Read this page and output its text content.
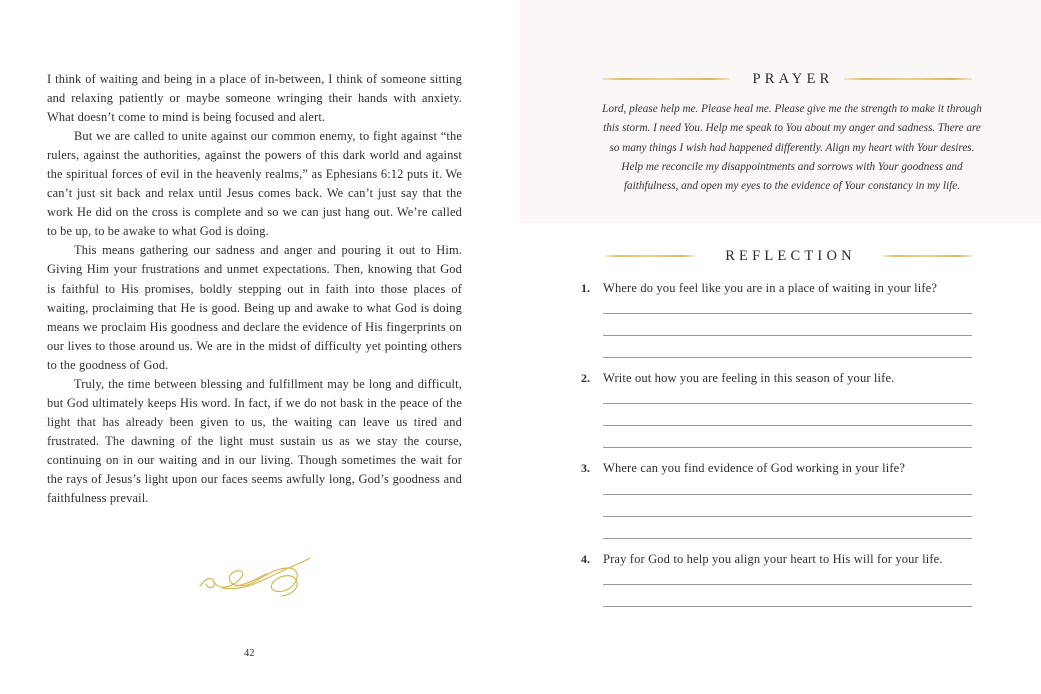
I think of waiting and being in a place of in-between, I think of someone sitting and relaxing patiently or maybe someone wringing their hands with anxiety. What doesn’t come to mind is being focused and alert.

But we are called to unite against our common enemy, to fight against “the rulers, against the authorities, against the powers of this dark world and against the spiritual forces of evil in the heavenly realms,” as Ephesians 6:12 puts it. We can’t just sit back and relax until Jesus comes back. We can’t just say that the work He did on the cross is complete and so we can just hang out. We’re called to be up, to be awake to what God is doing.

This means gathering our sadness and anger and pouring it out to Him. Giving Him your frustrations and unmet expectations. Then, knowing that God is faithful to His promises, boldly stepping out in faith into those places of waiting, proclaiming that He is good. Being up and awake to what God is doing means we proclaim His goodness and declare the evidence of His fingerprints on our lives to those around us. We are in the midst of difficulty yet pointing others to the goodness of God.

Truly, the time between blessing and fulfillment may be long and difficult, but God ultimately keeps His word. In fact, if we do not bask in the peace of the light that has already been given to us, the waiting can leave us tired and frustrated. The dawning of the light must sustain us as we stay the course, continuing on in our waiting and in our living. Though sometimes the wait for the rays of Jesus’s light upon our faces seems awfully long, God’s goodness and faithfulness prevail.

42
PRAYER
Lord, please help me. Please heal me. Please give me the strength to make it through this storm. I need You. Help me speak to You about my anger and sadness. There are so many things I wish had happened differently. Align my heart with Your desires. Help me reconcile my disappointments and sorrows with Your goodness and faithfulness, and open my eyes to the evidence of Your constancy in my life.
REFLECTION
1. Where do you feel like you are in a place of waiting in your life?
2. Write out how you are feeling in this season of your life.
3. Where can you find evidence of God working in your life?
4. Pray for God to help you align your heart to His will for your life.
